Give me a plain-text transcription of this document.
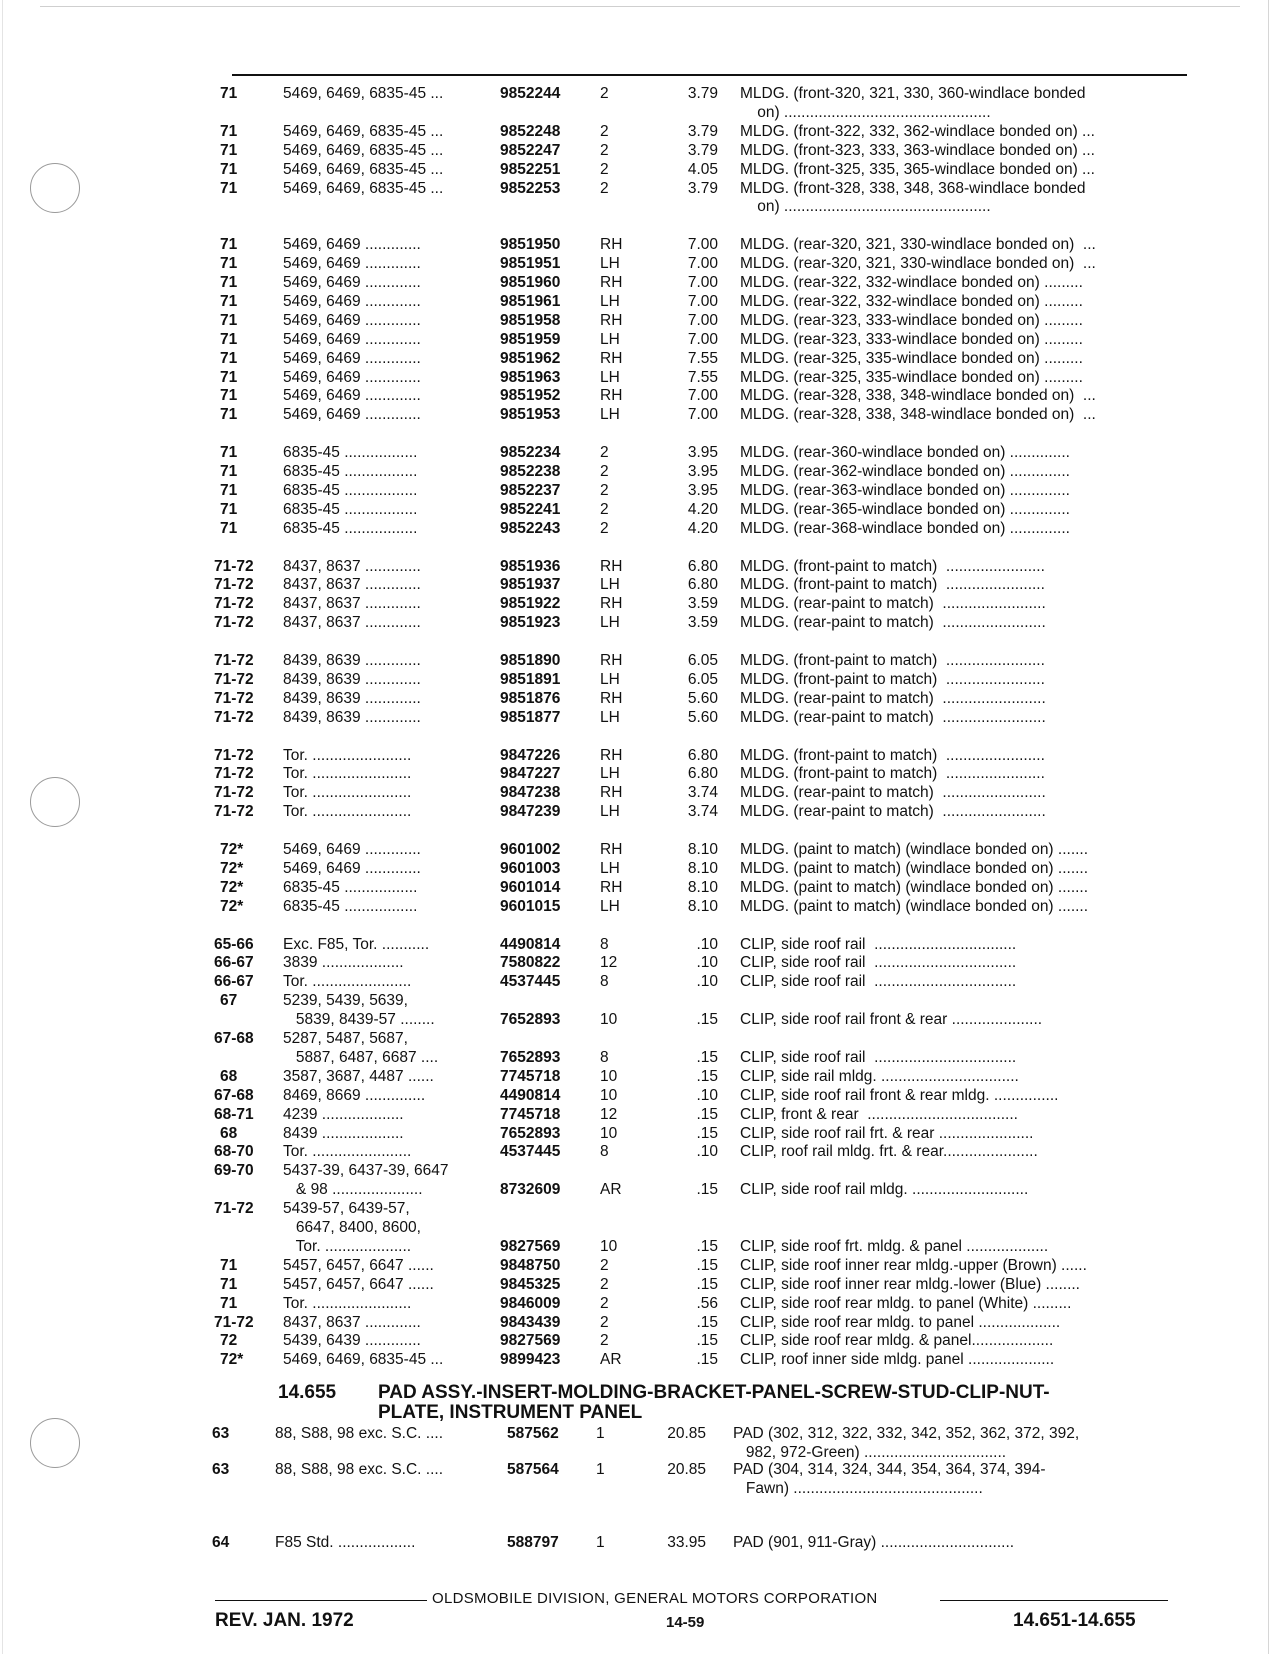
71	5469, 6469, 6835-45 ...	9852244	2	3.79 MLDG. (front-320, 321, 330, 360-windlace bonded
on) ................................................
71	5469, 6469, 6835-45 ...	9852248	2	3.79 MLDG. (front-322, 332, 362-windlace bonded on) ...
71	5469, 6469, 6835-45 ...	9852247	2	3.79 MLDG. (front-323, 333, 363-windlace bonded on) ...
71	5469, 6469, 6835-45 ...	9852251	2	4.05 MLDG. (front-325, 335, 365-windlace bonded on) ...
71	5469, 6469, 6835-45 ...	9852253	2	3.79 MLDG. (front-328, 338, 348, 368-windlace bonded
on) ................................................
71	5469, 6469 .............	9851950	RH	7.00 MLDG. (rear-320, 321, 330-windlace bonded on)  ...
71	5469, 6469 .............	9851951	LH	7.00 MLDG. (rear-320, 321, 330-windlace bonded on)  ...
71	5469, 6469 .............	9851960	RH	7.00 MLDG. (rear-322, 332-windlace bonded on) .........
71	5469, 6469 .............	9851961	LH	7.00 MLDG. (rear-322, 332-windlace bonded on) .........
71	5469, 6469 .............	9851958	RH	7.00 MLDG. (rear-323, 333-windlace bonded on) .........
71	5469, 6469 .............	9851959	LH	7.00 MLDG. (rear-323, 333-windlace bonded on) .........
71	5469, 6469 .............	9851962	RH	7.55 MLDG. (rear-325, 335-windlace bonded on) .........
71	5469, 6469 .............	9851963	LH	7.55 MLDG. (rear-325, 335-windlace bonded on) .........
71	5469, 6469 .............	9851952	RH	7.00 MLDG. (rear-328, 338, 348-windlace bonded on)  ...
71	5469, 6469 .............	9851953	LH	7.00 MLDG. (rear-328, 338, 348-windlace bonded on)  ...
71	6835-45 .................	9852234	2	3.95 MLDG. (rear-360-windlace bonded on) ..............
71	6835-45 .................	9852238	2	3.95 MLDG. (rear-362-windlace bonded on) ..............
71	6835-45 .................	9852237	2	3.95 MLDG. (rear-363-windlace bonded on) ..............
71	6835-45 .................	9852241	2	4.20 MLDG. (rear-365-windlace bonded on) ..............
71	6835-45 .................	9852243	2	4.20 MLDG. (rear-368-windlace bonded on) ..............
71-72 8437, 8637 .............	9851936	RH	6.80 MLDG. (front-paint to match)  .......................
71-72 8437, 8637 .............	9851937	LH	6.80 MLDG. (front-paint to match)  .......................
71-72 8437, 8637 .............	9851922	RH	3.59 MLDG. (rear-paint to match)  ........................
71-72 8437, 8637 .............	9851923	LH	3.59 MLDG. (rear-paint to match)  ........................
71-72 8439, 8639 .............	9851890	RH	6.05 MLDG. (front-paint to match)  .......................
71-72 8439, 8639 .............	9851891	LH	6.05 MLDG. (front-paint to match)  .......................
71-72 8439, 8639 .............	9851876	RH	5.60 MLDG. (rear-paint to match)  ........................
71-72 8439, 8639 .............	9851877	LH	5.60 MLDG. (rear-paint to match)  ........................
71-72 Tor. .......................	9847226	RH	6.80 MLDG. (front-paint to match)  .......................
71-72 Tor. .......................	9847227	LH	6.80 MLDG. (front-paint to match)  .......................
71-72 Tor. .......................	9847238	RH	3.74 MLDG. (rear-paint to match)  ........................
71-72 Tor. .......................	9847239	LH	3.74 MLDG. (rear-paint to match)  ........................
72*	5469, 6469 .............	9601002	RH	8.10 MLDG. (paint to match) (windlace bonded on) .......
72*	5469, 6469 .............	9601003	LH	8.10 MLDG. (paint to match) (windlace bonded on) .......
72*	6835-45 .................	9601014	RH	8.10 MLDG. (paint to match) (windlace bonded on) .......
72*	6835-45 .................	9601015	LH	8.10 MLDG. (paint to match) (windlace bonded on) .......
65-66 Exc. F85, Tor. ...........	4490814	8	.10 CLIP, side roof rail  .................................
66-67 3839 ...................	7580822	12	.10 CLIP, side roof rail  .................................
66-67 Tor. .......................	4537445	8	.10 CLIP, side roof rail  .................................
67	5239, 5439, 5639,
5839, 8439-57 ........	7652893	10	.15 CLIP, side roof rail front & rear .....................
67-68 5287, 5487, 5687,
5887, 6487, 6687 ....	7652893	8	.15 CLIP, side roof rail  .................................
68	3587, 3687, 4487 ......	7745718	10	.15 CLIP, side rail mldg. ................................
67-68 8469, 8669 ..............	4490814	10	.10 CLIP, side roof rail front & rear mldg. ...............
68-71 4239 ...................	7745718	12	.15 CLIP, front & rear  ...................................
68	8439 ...................	7652893	10	.15 CLIP, side roof rail frt. & rear ......................
68-70 Tor. .......................	4537445	8	.10 CLIP, roof rail mldg. frt. & rear......................
69-70 5437-39, 6437-39, 6647
& 98 .....................	8732609	AR	.15 CLIP, side roof rail mldg. ...........................
71-72 5439-57, 6439-57,
6647, 8400, 8600,
Tor. ....................	9827569	10	.15 CLIP, side roof frt. mldg. & panel ...................
71	5457, 6457, 6647 ......	9848750	2	.15 CLIP, side roof inner rear mldg.-upper (Brown) ......
71	5457, 6457, 6647 ......	9845325	2	.15 CLIP, side roof inner rear mldg.-lower (Blue) ........
71	Tor. .......................	9846009	2	.56 CLIP, side roof rear mldg. to panel (White) .........
71-72 8437, 8637 .............	9843439	2	.15 CLIP, side roof rear mldg. to panel ...................
72	5439, 6439 .............	9827569	2	.15 CLIP, side roof rear mldg. & panel...................
72*	5469, 6469, 6835-45 ...	9899423	AR	.15 CLIP, roof inner side mldg. panel ....................
14.655 PAD ASSY.-INSERT-MOLDING-BRACKET-PANEL-SCREW-STUD-CLIP-NUT-
PLATE, INSTRUMENT PANEL
63	88, S88, 98 exc. S.C. ....	587562 1	20.85 PAD (302, 312, 322, 332, 342, 352, 362, 372, 392,
982, 972-Green) .................................
63	88, S88, 98 exc. S.C. ....	587564 1	20.85 PAD (304, 314, 324, 344, 354, 364, 374, 394-
Fawn) ............................................
64	F85 Std. ..................	588797 1	33.95 PAD (901, 911-Gray) ...............................
OLDSMOBILE DIVISION, GENERAL MOTORS CORPORATION
REV. JAN. 1972	14-59	14.651-14.655
